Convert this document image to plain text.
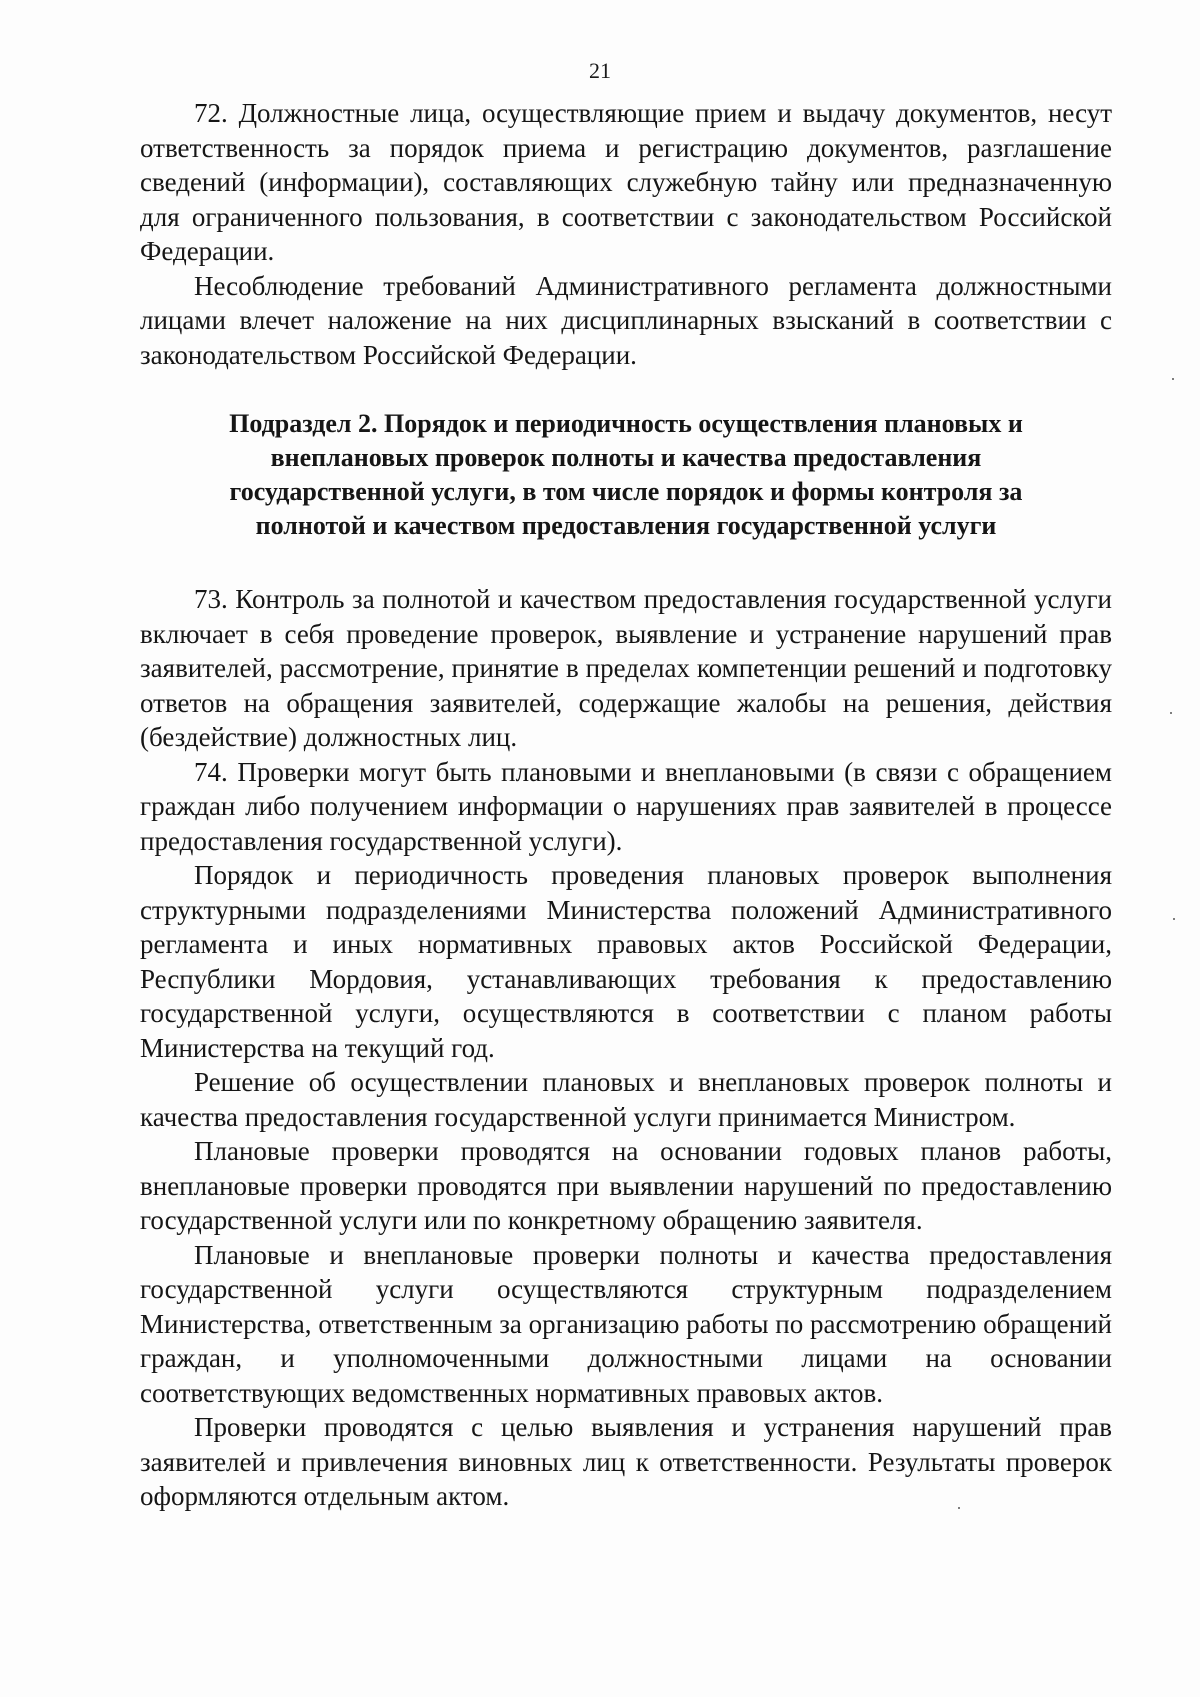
21

72. Должностные лица, осуществляющие прием и выдачу документов, несут ответственность за порядок приема и регистрацию документов, разглашение сведений (информации), составляющих служебную тайну или предназначенную для ограниченного пользования, в соответствии с законодательством Российской Федерации.

Несоблюдение требований Административного регламента должностными лицами влечет наложение на них дисциплинарных взысканий в соответствии с законодательством Российской Федерации.

Подраздел 2. Порядок и периодичность осуществления плановых и
внеплановых проверок полноты и качества предоставления
государственной услуги, в том числе порядок и формы контроля за
полнотой и качеством предоставления государственной услуги

73. Контроль за полнотой и качеством предоставления государственной услуги включает в себя проведение проверок, выявление и устранение нарушений прав заявителей, рассмотрение, принятие в пределах компетенции решений и подготовку ответов на обращения заявителей, содержащие жалобы на решения, действия (бездействие) должностных лиц.

74. Проверки могут быть плановыми и внеплановыми (в связи с обращением граждан либо получением информации о нарушениях прав заявителей в процессе предоставления государственной услуги).

Порядок и периодичность проведения плановых проверок выполнения структурными подразделениями Министерства положений Административного регламента и иных нормативных правовых актов Российской Федерации, Республики Мордовия, устанавливающих требования к предоставлению государственной услуги, осуществляются в соответствии с планом работы Министерства на текущий год.

Решение об осуществлении плановых и внеплановых проверок полноты и качества предоставления государственной услуги принимается Министром.

Плановые проверки проводятся на основании годовых планов работы, внеплановые проверки проводятся при выявлении нарушений по предоставлению государственной услуги или по конкретному обращению заявителя.

Плановые и внеплановые проверки полноты и качества предоставления государственной услуги осуществляются структурным подразделением Министерства, ответственным за организацию работы по рассмотрению обращений граждан, и уполномоченными должностными лицами на основании соответствующих ведомственных нормативных правовых актов.

Проверки проводятся с целью выявления и устранения нарушений прав заявителей и привлечения виновных лиц к ответственности. Результаты проверок оформляются отдельным актом.
